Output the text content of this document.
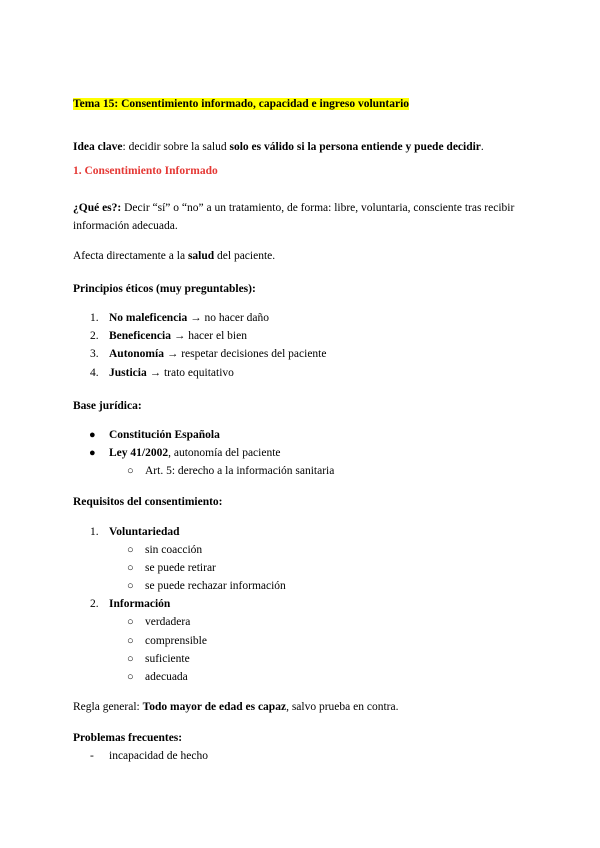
Tema 15: Consentimiento informado, capacidad e ingreso voluntario
Idea clave: decidir sobre la salud solo es válido si la persona entiende y puede decidir.
1. Consentimiento Informado
¿Qué es?: Decir “sí” o “no” a un tratamiento, de forma: libre, voluntaria, consciente tras recibir
información adecuada.
Afecta directamente a la salud del paciente.
Principios éticos (muy preguntables):
1. No maleficencia → no hacer daño
2. Beneficencia → hacer el bien
3. Autonomía → respetar decisiones del paciente
4. Justicia → trato equitativo
Base jurídica:
● Constitución Española
● Ley 41/2002, autonomía del paciente
○ Art. 5: derecho a la información sanitaria
Requisitos del consentimiento:
1. Voluntariedad
○ sin coacción
○ se puede retirar
○ se puede rechazar información
2. Información
○ verdadera
○ comprensible
○ suficiente
○ adecuada
Regla general: Todo mayor de edad es capaz, salvo prueba en contra.
Problemas frecuentes:
- incapacidad de hecho
